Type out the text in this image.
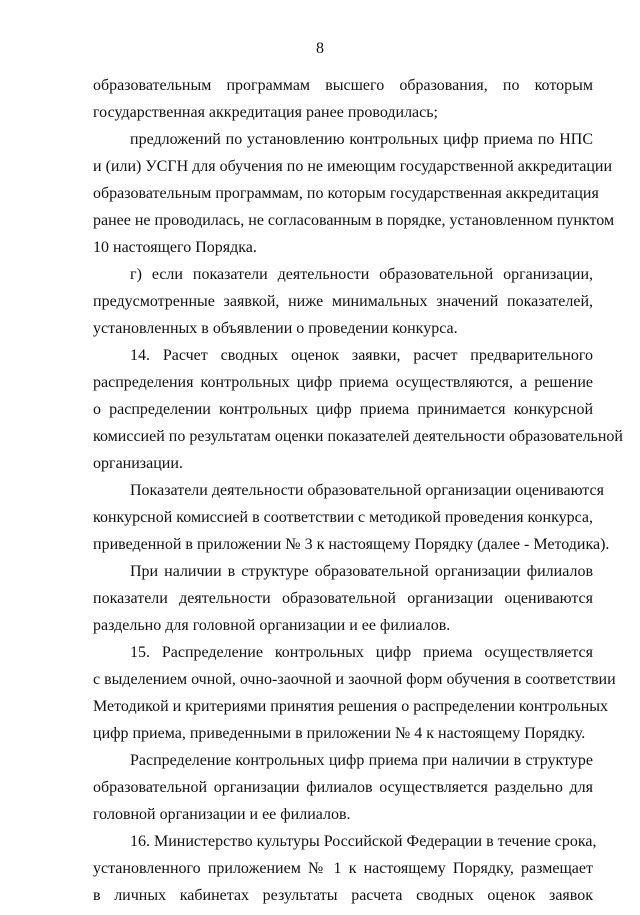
8
образовательным программам высшего образования, по которым
государственная аккредитация ранее проводилась;
предложений по установлению контрольных цифр приема по НПС
и (или) УСГН для обучения по не имеющим государственной аккредитации
образовательным программам, по которым государственная аккредитация
ранее не проводилась, не согласованным в порядке, установленном пунктом
10 настоящего Порядка.
г) если показатели деятельности образовательной организации,
предусмотренные заявкой, ниже минимальных значений показателей,
установленных в объявлении о проведении конкурса.
14. Расчет сводных оценок заявки, расчет предварительного
распределения контрольных цифр приема осуществляются, а решение
о распределении контрольных цифр приема принимается конкурсной
комиссией по результатам оценки показателей деятельности образовательной
организации.
Показатели деятельности образовательной организации оцениваются
конкурсной комиссией в соответствии с методикой проведения конкурса,
приведенной в приложении № 3 к настоящему Порядку (далее - Методика).
При наличии в структуре образовательной организации филиалов
показатели деятельности образовательной организации оцениваются
раздельно для головной организации и ее филиалов.
15. Распределение контрольных цифр приема осуществляется
с выделением очной, очно-заочной и заочной форм обучения в соответствии
Методикой и критериями принятия решения о распределении контрольных
цифр приема, приведенными в приложении № 4 к настоящему Порядку.
Распределение контрольных цифр приема при наличии в структуре
образовательной организации филиалов осуществляется раздельно для
головной организации и ее филиалов.
16. Министерство культуры Российской Федерации в течение срока,
установленного приложением № 1 к настоящему Порядку, размещает
в личных кабинетах результаты расчета сводных оценок заявок
